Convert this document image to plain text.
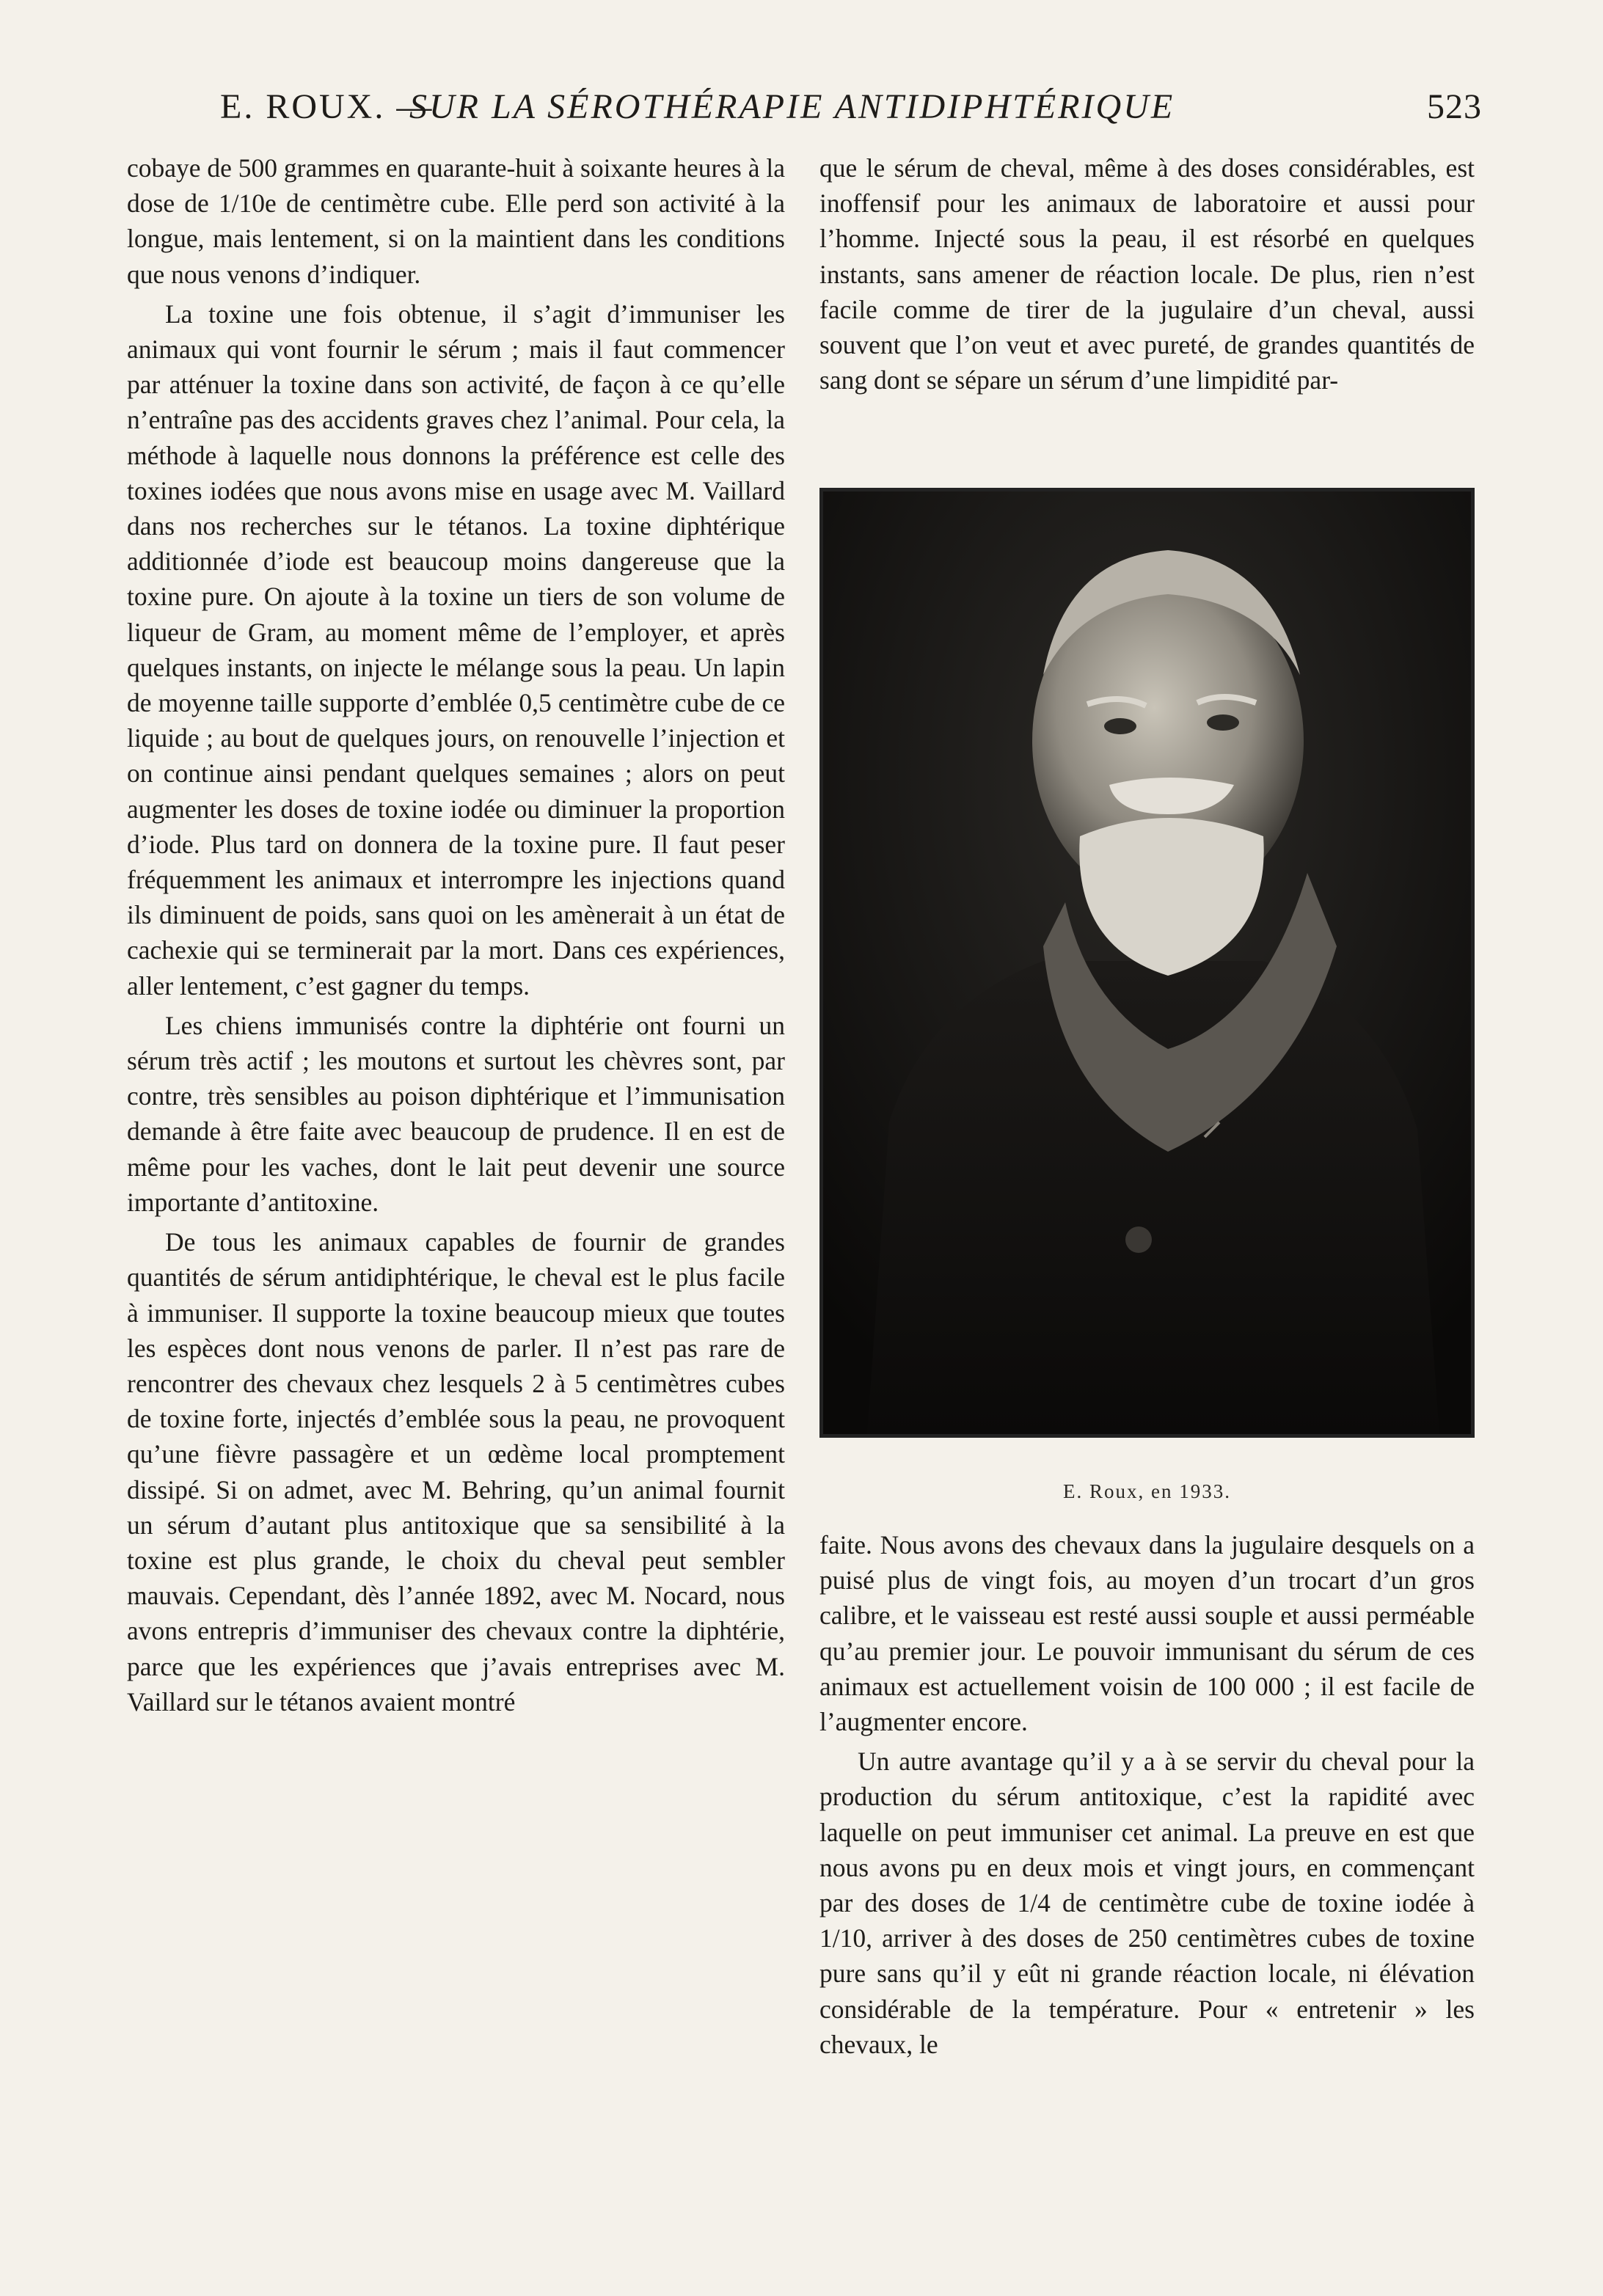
E. ROUX. —
SUR LA SÉROTHÉRAPIE ANTIDIPHTÉRIQUE	523

cobaye de 500 grammes en quarante-huit à soixante heures à la dose de 1/10e de centimètre cube. Elle perd son activité à la longue, mais lentement, si on la maintient dans les conditions que nous venons d’indiquer.

La toxine une fois obtenue, il s’agit d’immuniser les animaux qui vont fournir le sérum ; mais il faut commencer par atténuer la toxine dans son activité, de façon à ce qu’elle n’entraîne pas des accidents graves chez l’animal. Pour cela, la méthode à laquelle nous donnons la préférence est celle des toxines iodées que nous avons mise en usage avec M. Vaillard dans nos recherches sur le tétanos. La toxine diphtérique additionnée d’iode est beaucoup moins dangereuse que la toxine pure. On ajoute à la toxine un tiers de son volume de liqueur de Gram, au moment même de l’employer, et après quelques instants, on injecte le mélange sous la peau. Un lapin de moyenne taille supporte d’emblée 0,5 centimètre cube de ce liquide ; au bout de quelques jours, on renouvelle l’injection et on continue ainsi pendant quelques semaines ; alors on peut augmenter les doses de toxine iodée ou diminuer la proportion d’iode. Plus tard on donnera de la toxine pure. Il faut peser fréquemment les animaux et interrompre les injections quand ils diminuent de poids, sans quoi on les amènerait à un état de cachexie qui se terminerait par la mort. Dans ces expériences, aller lentement, c’est gagner du temps.

Les chiens immunisés contre la diphtérie ont fourni un sérum très actif ; les moutons et surtout les chèvres sont, par contre, très sensibles au poison diphtérique et l’immunisation demande à être faite avec beaucoup de prudence. Il en est de même pour les vaches, dont le lait peut devenir une source importante d’antitoxine.

De tous les animaux capables de fournir de grandes quantités de sérum antidiphtérique, le cheval est le plus facile à immuniser. Il supporte la toxine beaucoup mieux que toutes les espèces dont nous venons de parler. Il n’est pas rare de rencontrer des chevaux chez lesquels 2 à 5 centimètres cubes de toxine forte, injectés d’emblée sous la peau, ne provoquent qu’une fièvre passagère et un œdème local promptement dissipé. Si on admet, avec M. Behring, qu’un animal fournit un sérum d’autant plus antitoxique que sa sensibilité à la toxine est plus grande, le choix du cheval peut sembler mauvais. Cependant, dès l’année 1892, avec M. Nocard, nous avons entrepris d’immuniser des chevaux contre la diphtérie, parce que les expériences que j’avais entreprises avec M. Vaillard sur le tétanos avaient montré

que le sérum de cheval, même à des doses considérables, est inoffensif pour les animaux de laboratoire et aussi pour l’homme. Injecté sous la peau, il est résorbé en quelques instants, sans amener de réaction locale. De plus, rien n’est facile comme de tirer de la jugulaire d’un cheval, aussi souvent que l’on veut et avec pureté, de grandes quantités de sang dont se sépare un sérum d’une limpidité par-

E. Roux, en 1933.

faite. Nous avons des chevaux dans la jugulaire desquels on a puisé plus de vingt fois, au moyen d’un trocart d’un gros calibre, et le vaisseau est resté aussi souple et aussi perméable qu’au premier jour. Le pouvoir immunisant du sérum de ces animaux est actuellement voisin de 100 000 ; il est facile de l’augmenter encore.

Un autre avantage qu’il y a à se servir du cheval pour la production du sérum antitoxique, c’est la rapidité avec laquelle on peut immuniser cet animal. La preuve en est que nous avons pu en deux mois et vingt jours, en commençant par des doses de 1/4 de centimètre cube de toxine iodée à 1/10, arriver à des doses de 250 centimètres cubes de toxine pure sans qu’il y eût ni grande réaction locale, ni élévation considérable de la température. Pour « entretenir » les chevaux, le
